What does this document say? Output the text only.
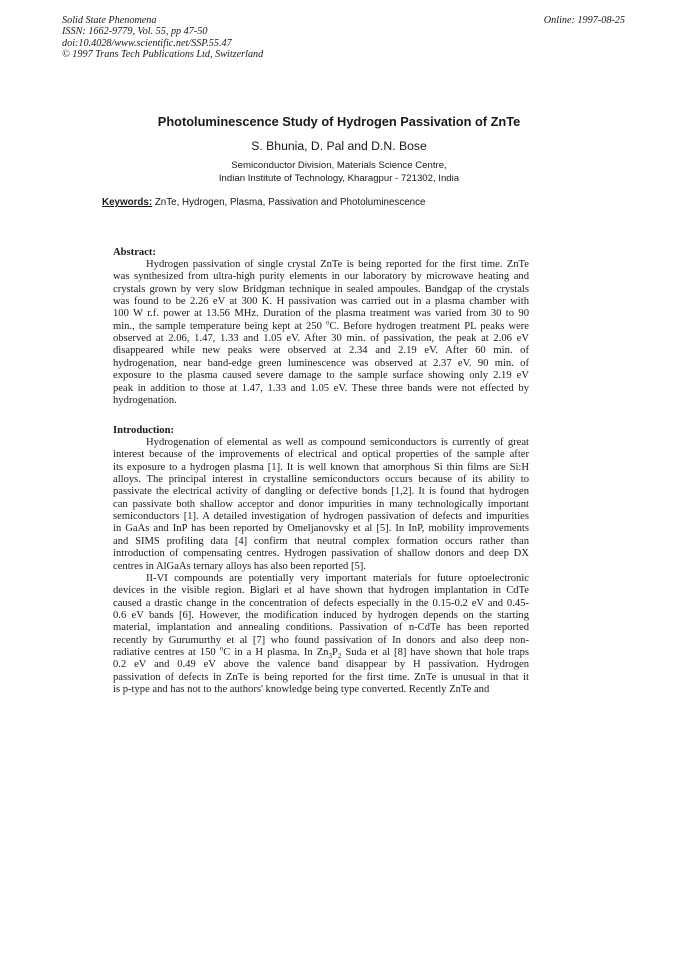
Solid State Phenomena
ISSN: 1662-9779, Vol. 55, pp 47-50
doi:10.4028/www.scientific.net/SSP.55.47
© 1997 Trans Tech Publications Ltd, Switzerland
Online: 1997-08-25
Photoluminescence Study of Hydrogen Passivation of ZnTe
S. Bhunia, D. Pal and D.N. Bose
Semiconductor Division, Materials Science Centre,
Indian Institute of Technology, Kharagpur - 721302, India
Keywords: ZnTe, Hydrogen, Plasma, Passivation and Photoluminescence
Abstract:
Hydrogen passivation of single crystal ZnTe is being reported for the first time. ZnTe
was synthesized from ultra-high purity elements in our laboratory by microwave heating and
crystals grown by very slow Bridgman technique in sealed ampoules. Bandgap of the crystals
was found to be 2.26 eV at 300 K. H passivation was carried out in a plasma chamber with
100 W r.f. power at 13.56 MHz. Duration of the plasma treatment was varied from 30 to 90
min., the sample temperature being kept at 250 $^o$C. Before hydrogen treatment PL peaks were
observed at 2.06, 1.47, 1.33 and 1.05 eV. After 30 min. of passivation, the peak at 2.06 eV
disappeared while new peaks were observed at 2.34 and 2.19 eV. After 60 min. of
hydrogenation, near band-edge green luminescence was observed at 2.37 eV. 90 min. of
exposure to the plasma caused severe damage to the sample surface showing only 2.19 eV
peak in addition to those at 1.47, 1.33 and 1.05 eV. These three bands were not effected by
hydrogenation.
Introduction:
Hydrogenation of elemental as well as compound semiconductors is currently of great
interest because of the improvements of electrical and optical properties of the sample after
its exposure to a hydrogen plasma [1]. It is well known that amorphous Si thin films are Si:H
alloys. The principal interest in crystalline semiconductors occurs because of its ability to
passivate the electrical activity of dangling or defective bonds [1,2]. It is found that hydrogen
can passivate both shallow acceptor and donor impurities in many technologically important
semiconductors [1]. A detailed investigation of hydrogen passivation of defects and impurities
in GaAs and InP has been reported by Omeljanovsky et al [5]. In InP, mobility improvements
and SIMS profiling data [4] confirm that neutral complex formation occurs rather than
introduction of compensating centres. Hydrogen passivation of shallow donors and deep DX
centres in AlGaAs ternary alloys has also been reported [5].
II-VI compounds are potentially very important materials for future optoelectronic
devices in the visible region. Biglari et al have shown that hydrogen implantation in CdTe
caused a drastic change in the concentration of defects especially in the 0.15-0.2 eV and 0.45-
0.6 eV bands [6]. However, the modification induced by hydrogen depends on the starting
material, implantation and annealing conditions. Passivation of n-CdTe has been reported
recently by Gurumurthy et al [7] who found passivation of In donors and also deep non-
radiative centres at 150 $^o$C in a H plasma. In $Zn_3P_2$ Suda et al [8] have shown that hole traps
0.2 eV and 0.49 eV above the valence band disappear by H passivation. Hydrogen
passivation of defects in ZnTe is being reported for the first time. ZnTe is unusual in that it
is p-type and has not to the authors' knowledge being type converted. Recently ZnTe and
